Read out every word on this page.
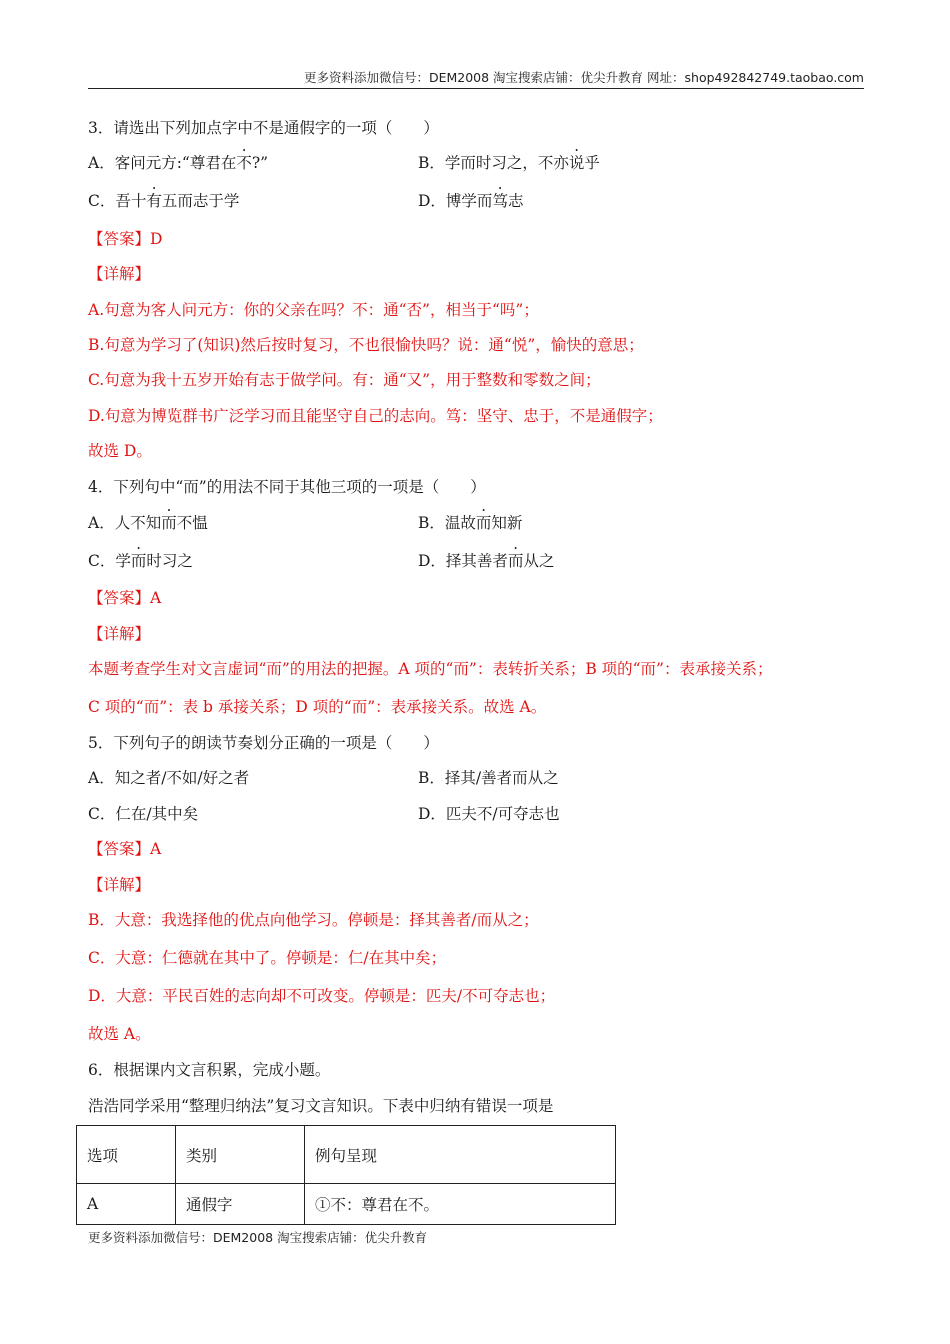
更多资料添加微信号：DEM2008 淘宝搜索店铺：优尖升教育 网址：shop492842749.taobao.com
3．请选出下列加点字中不是通假字的一项（　　）
A．客问元方:“尊君在不?”	B．学而时习之，不亦说乎
C．吾十有五而志于学	D．博学而笃志
【答案】D
【详解】
A.句意为客人问元方：你的父亲在吗？不：通“否”，相当于“吗”；
B.句意为学习了(知识)然后按时复习，不也很愉快吗？说：通“悦”，愉快的意思；
C.句意为我十五岁开始有志于做学问。有：通“又”，用于整数和零数之间；
D.句意为博览群书广泛学习而且能坚守自己的志向。笃：坚守、忠于，不是通假字；
故选 D。
4．下列句中“而”的用法不同于其他三项的一项是（　　）
A．人不知而不愠	B．温故而知新
C．学而时习之	D．择其善者而从之
【答案】A
【详解】
本题考查学生对文言虚词“而”的用法的把握。A 项的“而”：表转折关系；B 项的“而”：表承接关系；
C 项的“而”：表 b 承接关系；D 项的“而”：表承接关系。故选 A。
5．下列句子的朗读节奏划分正确的一项是（　　）
A．知之者/不如/好之者	B．择其/善者而从之
C．仁在/其中矣	D．匹夫不/可夺志也
【答案】A
【详解】
B．大意：我选择他的优点向他学习。停顿是：择其善者/而从之；
C．大意：仁德就在其中了。停顿是：仁/在其中矣；
D．大意：平民百姓的志向却不可改变。停顿是：匹夫/不可夺志也；
故选 A。
6．根据课内文言积累，完成小题。
浩浩同学采用“整理归纳法”复习文言知识。下表中归纳有错误一项是
选项	类别	例句呈现
A	通假字	①不：尊君在不。
更多资料添加微信号：DEM2008 淘宝搜索店铺：优尖升教育
